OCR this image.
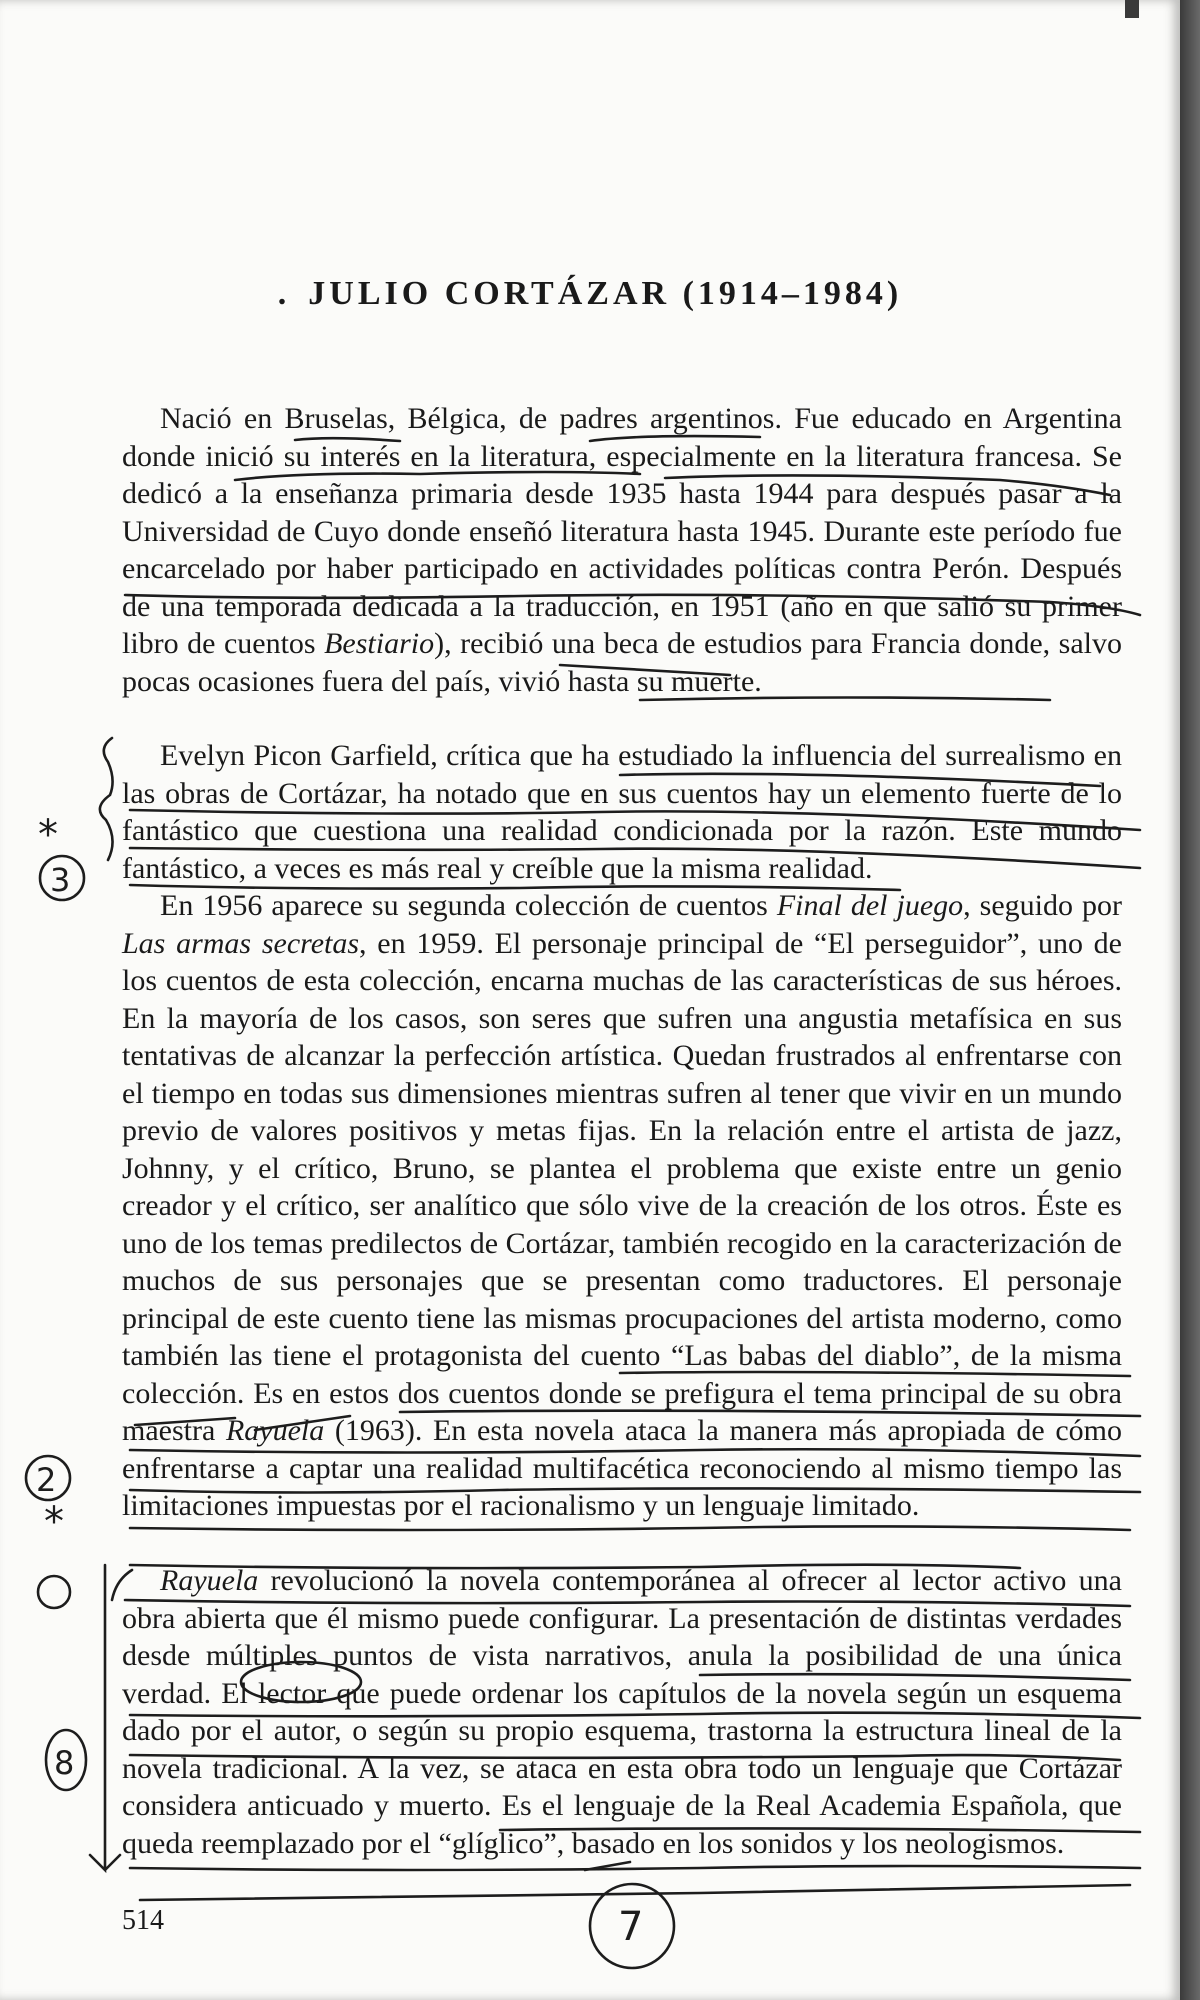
. JULIO CORTÁZAR (1914–1984)
Nació en Bruselas, Bélgica, de padres argentinos. Fue educado en Argentina donde inició su interés en la literatura, especialmente en la literatura francesa. Se dedicó a la enseñanza primaria desde 1935 hasta 1944 para después pasar a la Universidad de Cuyo donde enseñó literatura hasta 1945. Durante este período fue encarcelado por haber participado en actividades políticas contra Perón. Después de una temporada dedicada a la traducción, en 1951 (año en que salió su primer libro de cuentos Bestiario), recibió una beca de estudios para Francia donde, salvo pocas ocasiones fuera del país, vivió hasta su muerte.
Evelyn Picon Garfield, crítica que ha estudiado la influencia del surrealismo en las obras de Cortázar, ha notado que en sus cuentos hay un elemento fuerte de lo fantástico que cuestiona una realidad condicionada por la razón. Este mundo fantástico, a veces es más real y creíble que la misma realidad.
En 1956 aparece su segunda colección de cuentos Final del juego, seguido por Las armas secretas, en 1959. El personaje principal de “El perseguidor”, uno de los cuentos de esta colección, encarna muchas de las características de sus héroes. En la mayoría de los casos, son seres que sufren una angustia metafísica en sus tentativas de alcanzar la perfección artística. Quedan frustrados al enfrentarse con el tiempo en todas sus dimensiones mientras sufren al tener que vivir en un mundo previo de valores positivos y metas fijas. En la relación entre el artista de jazz, Johnny, y el crítico, Bruno, se plantea el problema que existe entre un genio creador y el crítico, ser analítico que sólo vive de la creación de los otros. Éste es uno de los temas predilectos de Cortázar, también recogido en la caracterización de muchos de sus personajes que se presentan como traductores. El personaje principal de este cuento tiene las mismas procupaciones del artista moderno, como también las tiene el protagonista del cuento “Las babas del diablo”, de la misma colección. Es en estos dos cuentos donde se prefigura el tema principal de su obra maestra Rayuela (1963). En esta novela ataca la manera más apropiada de cómo enfrentarse a captar una realidad multifacética reconociendo al mismo tiempo las limitaciones impuestas por el racionalismo y un lenguaje limitado.
Rayuela revolucionó la novela contemporánea al ofrecer al lector activo una obra abierta que él mismo puede configurar. La presentación de distintas verdades desde múltiples puntos de vista narrativos, anula la posibilidad de una única verdad. El lector que puede ordenar los capítulos de la novela según un esquema dado por el autor, o según su propio esquema, trastorna la estructura lineal de la novela tradicional. A la vez, se ataca en esta obra todo un lenguaje que Cortázar considera anticuado y muerto. Es el lenguaje de la Real Academia Española, que queda reemplazado por el “glíglico”, basado en los sonidos y los neologismos.
514
3
*
2
*
8
7
